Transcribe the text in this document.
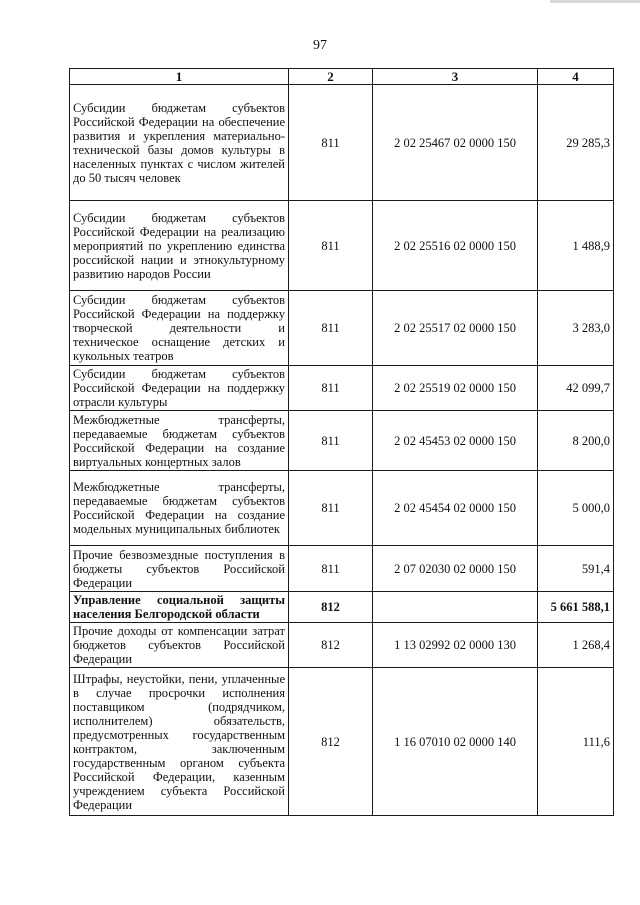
97
1	2	3	4
Субсидии бюджетам субъектов Российской Федерации на обеспечение развития и укрепления материально-технической базы домов культуры в населенных пунктах с числом жителей до 50 тысяч человек	811	2 02 25467 02 0000 150	29 285,3
Субсидии бюджетам субъектов Российской Федерации на реализацию мероприятий по укреплению единства российской нации и этнокультурному развитию народов России	811	2 02 25516 02 0000 150	1 488,9
Субсидии бюджетам субъектов Российской Федерации на поддержку творческой деятельности и техническое оснащение детских и кукольных театров	811	2 02 25517 02 0000 150	3 283,0
Субсидии бюджетам субъектов Российской Федерации на поддержку отрасли культуры	811	2 02 25519 02 0000 150	42 099,7
Межбюджетные трансферты, передаваемые бюджетам субъектов Российской Федерации на создание виртуальных концертных залов	811	2 02 45453 02 0000 150	8 200,0
Межбюджетные трансферты, передаваемые бюджетам субъектов Российской Федерации на создание модельных муниципальных библиотек	811	2 02 45454 02 0000 150	5 000,0
Прочие безвозмездные поступления в бюджеты субъектов Российской Федерации	811	2 07 02030 02 0000 150	591,4
Управление социальной защиты населения Белгородской области	812		5 661 588,1
Прочие доходы от компенсации затрат бюджетов субъектов Российской Федерации	812	1 13 02992 02 0000 130	1 268,4
Штрафы, неустойки, пени, уплаченные в случае просрочки исполнения поставщиком (подрядчиком, исполнителем) обязательств, предусмотренных государственным контрактом, заключенным государственным органом субъекта Российской Федерации, казенным учреждением субъекта Российской Федерации	812	1 16 07010 02 0000 140	111,6
